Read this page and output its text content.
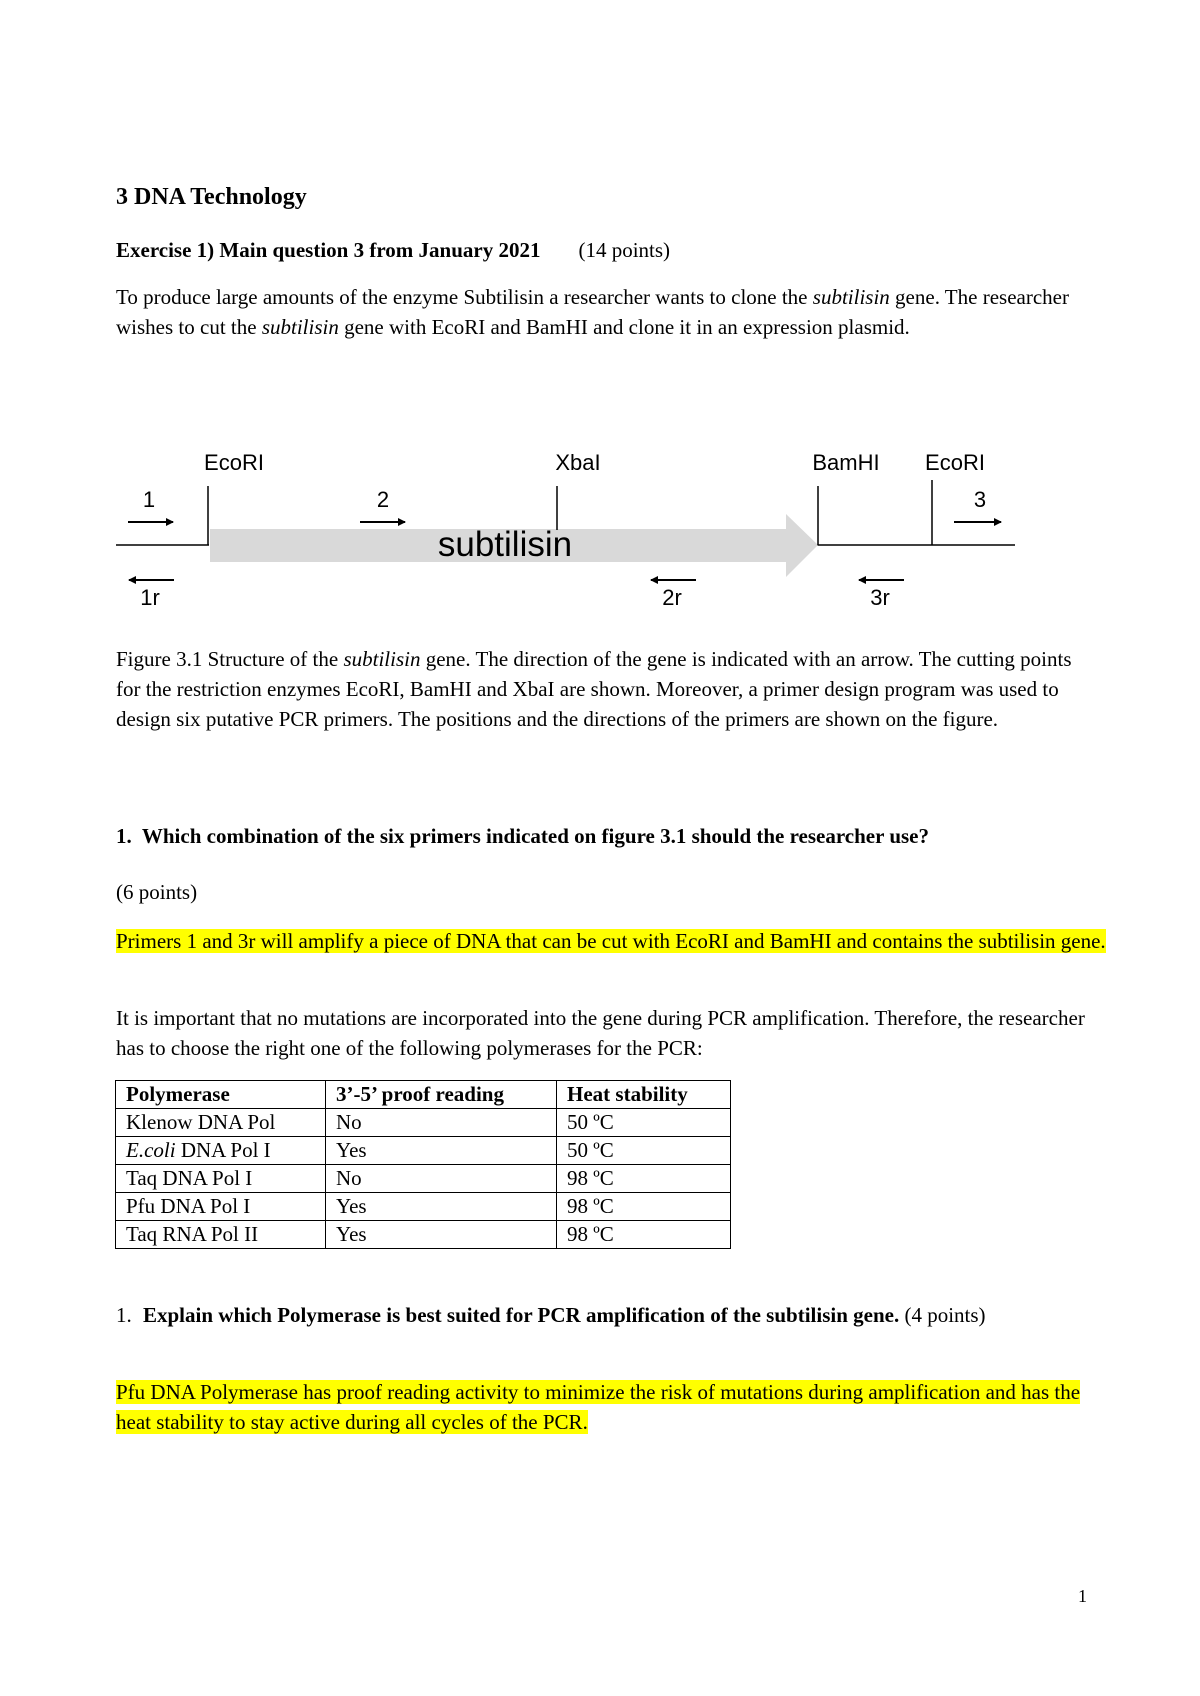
3 DNA Technology
Exercise 1) Main question 3 from January 2021 (14 points)
To produce large amounts of the enzyme Subtilisin a researcher wants to clone the subtilisin gene. The researcher wishes to cut the subtilisin gene with EcoRI and BamHI and clone it in an expression plasmid.
subtilisin
EcoRI	XbaI	BamHI EcoRI
1	2	3
1r	2r	3r
Figure 3.1 Structure of the subtilisin gene. The direction of the gene is indicated with an arrow. The cutting points for the restriction enzymes EcoRI, BamHI and XbaI are shown. Moreover, a primer design program was used to design six putative PCR primers. The positions and the directions of the primers are shown on the figure.
1. Which combination of the six primers indicated on figure 3.1 should the researcher use?
(6 points)
Primers 1 and 3r will amplify a piece of DNA that can be cut with EcoRI and BamHI and contains the subtilisin gene.
It is important that no mutations are incorporated into the gene during PCR amplification. Therefore, the researcher has to choose the right one of the following polymerases for the PCR:
Polymerase	3’-5’ proof reading	Heat stability
Klenow DNA Pol	No	50 ºC
E.coli DNA Pol I	Yes	50 ºC
Taq DNA Pol I	No	98 ºC
Pfu DNA Pol I	Yes	98 ºC
Taq RNA Pol II	Yes	98 ºC
1. Explain which Polymerase is best suited for PCR amplification of the subtilisin gene. (4 points)
Pfu DNA Polymerase has proof reading activity to minimize the risk of mutations during amplification and has the heat stability to stay active during all cycles of the PCR.
1
